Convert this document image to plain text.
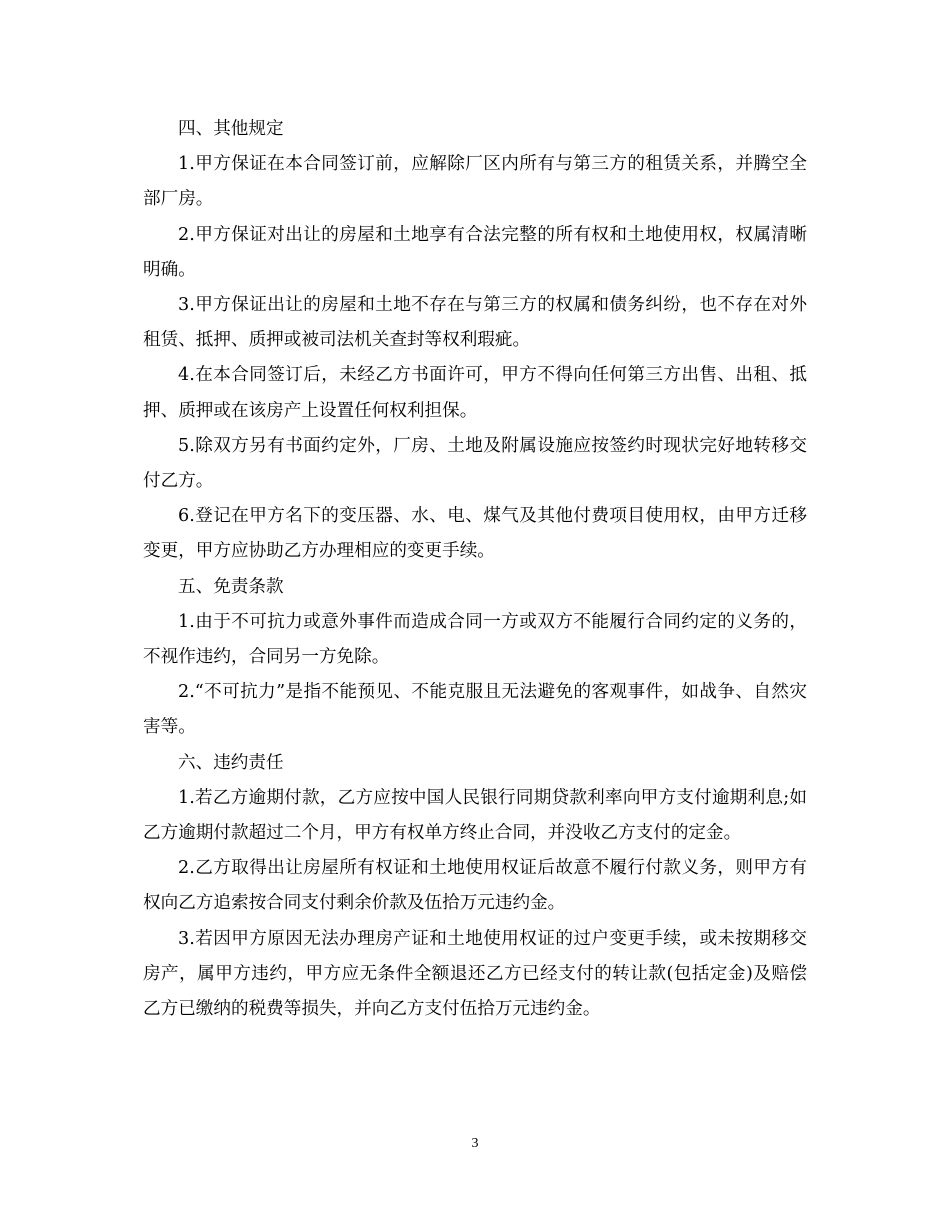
四、其他规定

1.甲方保证在本合同签订前，应解除厂区内所有与第三方的租赁关系，并腾空全部厂房。

2.甲方保证对出让的房屋和土地享有合法完整的所有权和土地使用权，权属清晰明确。

3.甲方保证出让的房屋和土地不存在与第三方的权属和债务纠纷，也不存在对外租赁、抵押、质押或被司法机关查封等权利瑕疵。

4.在本合同签订后，未经乙方书面许可，甲方不得向任何第三方出售、出租、抵押、质押或在该房产上设置任何权利担保。

5.除双方另有书面约定外，厂房、土地及附属设施应按签约时现状完好地转移交付乙方。

6.登记在甲方名下的变压器、水、电、煤气及其他付费项目使用权，由甲方迁移变更，甲方应协助乙方办理相应的变更手续。

五、免责条款

1.由于不可抗力或意外事件而造成合同一方或双方不能履行合同约定的义务的，不视作违约，合同另一方免除。

2.“不可抗力”是指不能预见、不能克服且无法避免的客观事件，如战争、自然灾害等。

六、违约责任

1.若乙方逾期付款，乙方应按中国人民银行同期贷款利率向甲方支付逾期利息;如乙方逾期付款超过二个月，甲方有权单方终止合同，并没收乙方支付的定金。

2.乙方取得出让房屋所有权证和土地使用权证后故意不履行付款义务，则甲方有权向乙方追索按合同支付剩余价款及伍拾万元违约金。

3.若因甲方原因无法办理房产证和土地使用权证的过户变更手续，或未按期移交房产，属甲方违约，甲方应无条件全额退还乙方已经支付的转让款(包括定金)及赔偿乙方已缴纳的税费等损失，并向乙方支付伍拾万元违约金。

3
